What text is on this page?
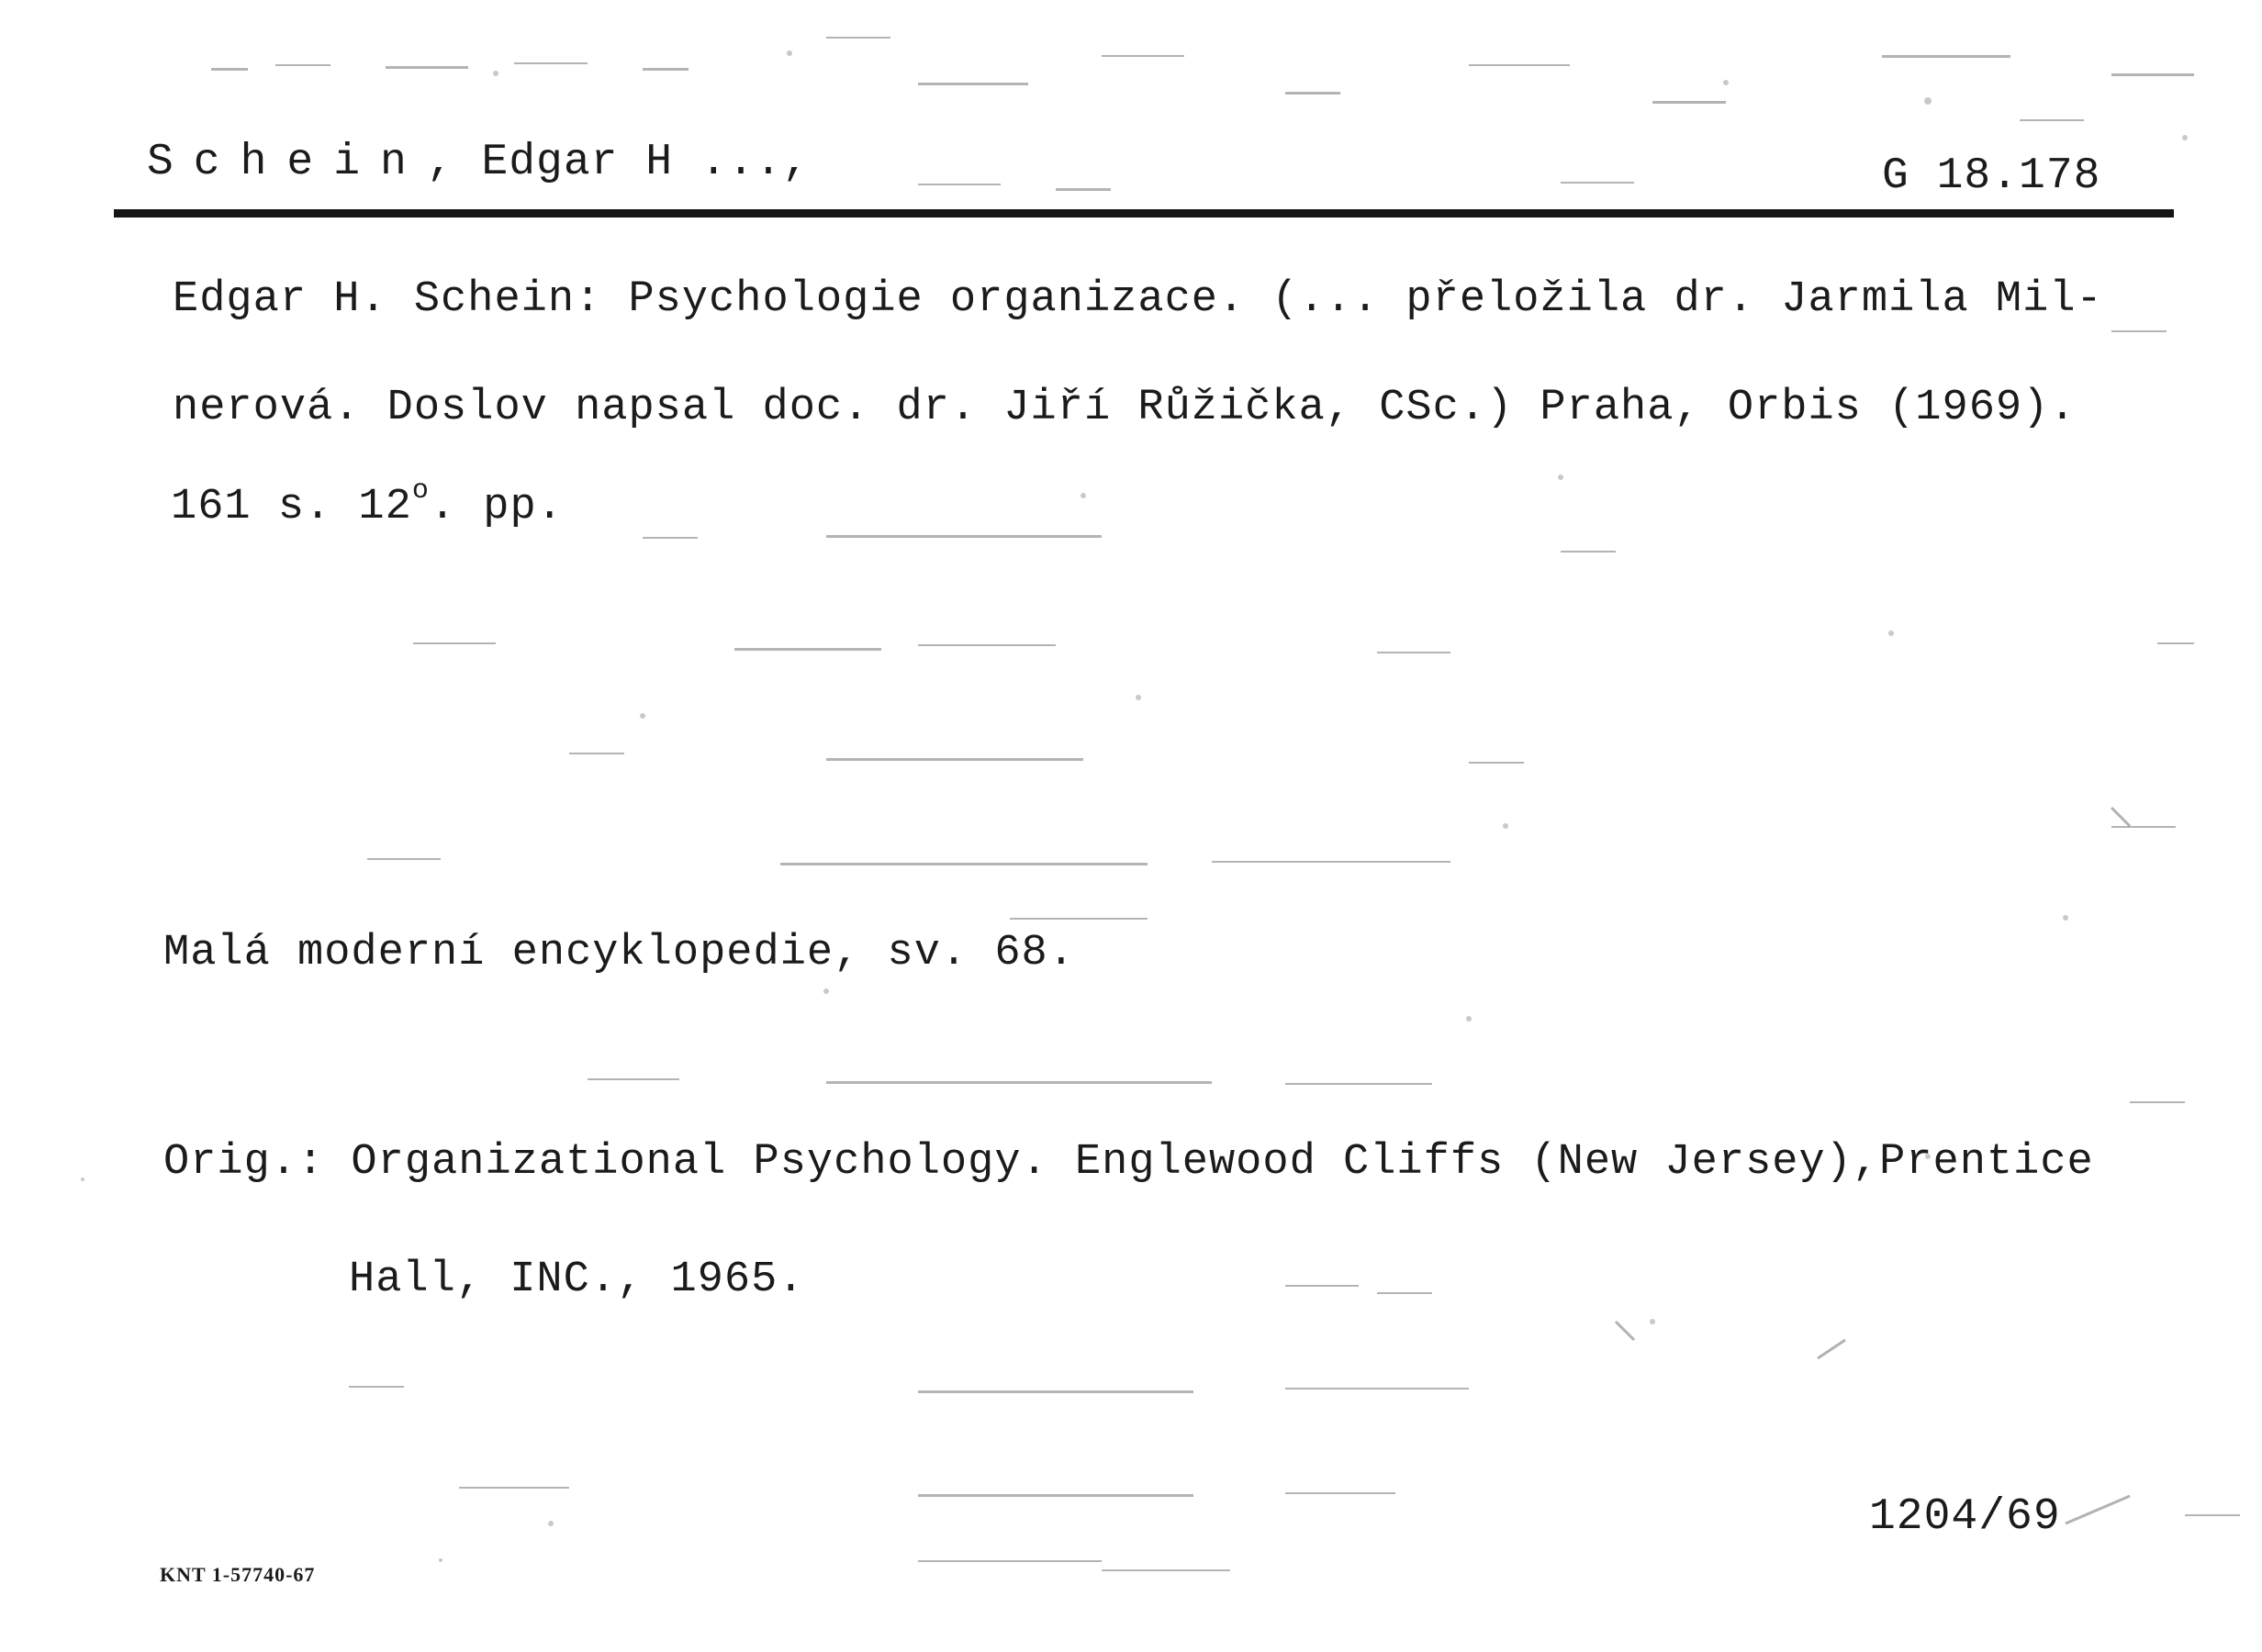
Schein, Edgar H ...,	G 18.178
Edgar H. Schein: Psychologie organizace. (... přeložila dr. Jarmila Mil-
nerová. Doslov napsal doc. dr. Jiří Růžička, CSc.) Praha, Orbis (1969).
161 s. 12$^o$. pp.
Malá moderní encyklopedie, sv. 68.
Orig.: Organizational Psychology. Englewood Cliffs (New Jersey),Prentice
Hall, INC., 1965.
1204/69
KNT 1-57740-67
